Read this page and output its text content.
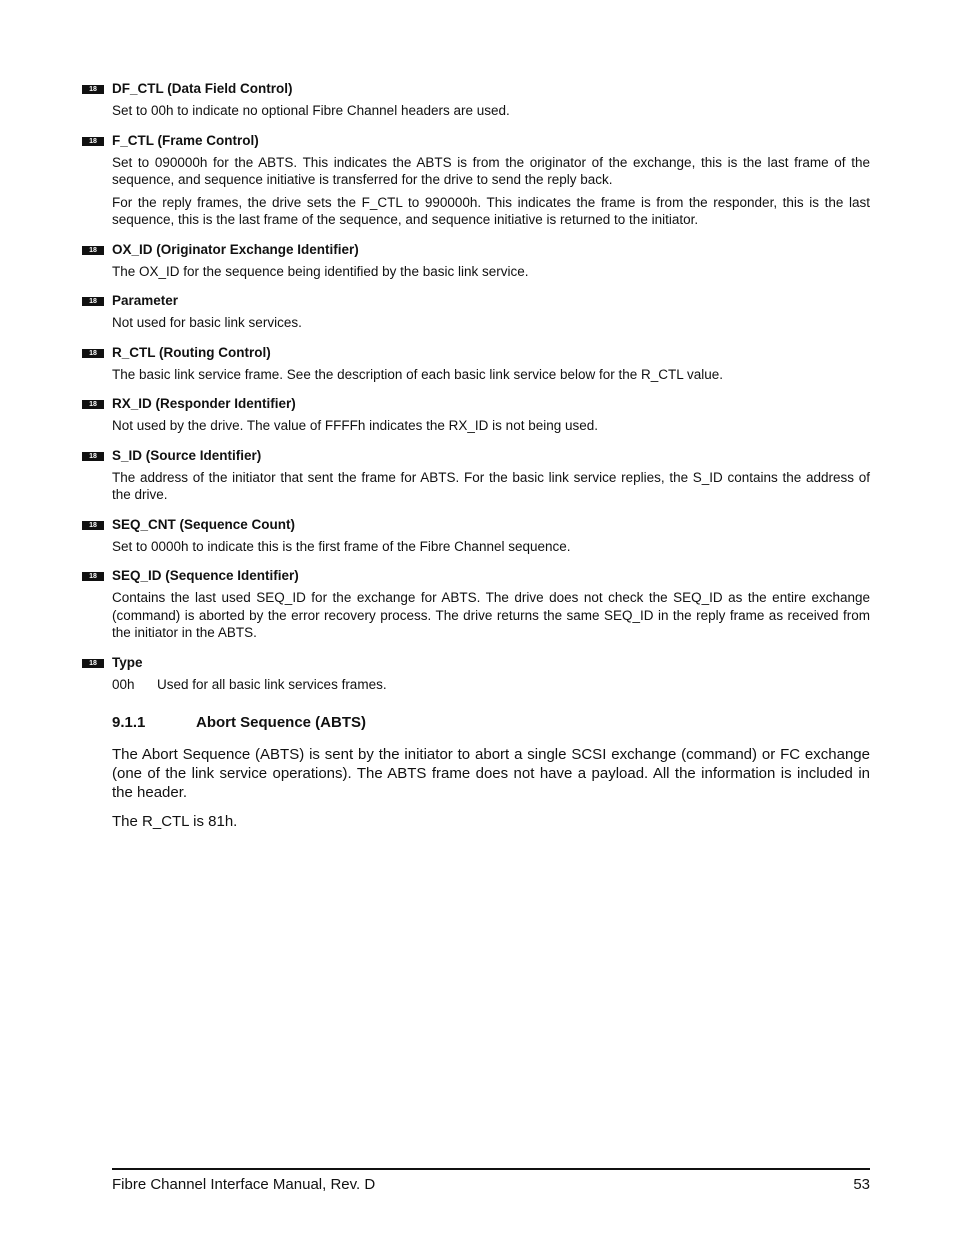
18	DF_CTL (Data Field Control)

Set to 00h to indicate no optional Fibre Channel headers are used.

18	F_CTL (Frame Control)

Set to 090000h for the ABTS. This indicates the ABTS is from the originator of the exchange, this is the last frame of the sequence, and sequence initiative is transferred for the drive to send the reply back.

For the reply frames, the drive sets the F_CTL to 990000h. This indicates the frame is from the responder, this is the last sequence, this is the last frame of the sequence, and sequence initiative is returned to the initiator.

18	OX_ID (Originator Exchange Identifier)

The OX_ID for the sequence being identified by the basic link service.

18	Parameter

Not used for basic link services.

18	R_CTL (Routing Control)

The basic link service frame. See the description of each basic link service below for the R_CTL value.

18	RX_ID (Responder Identifier)

Not used by the drive. The value of FFFFh indicates the RX_ID is not being used.

18	S_ID (Source Identifier)

The address of the initiator that sent the frame for ABTS. For the basic link service replies, the S_ID contains the address of the drive.

18	SEQ_CNT (Sequence Count)

Set to 0000h to indicate this is the first frame of the Fibre Channel sequence.

18	SEQ_ID (Sequence Identifier)

Contains the last used SEQ_ID for the exchange for ABTS. The drive does not check the SEQ_ID as the entire exchange (command) is aborted by the error recovery process. The drive returns the same SEQ_ID in the reply frame as received from the initiator in the ABTS.

18	Type
00h	Used for all basic link services frames.
9.1.1	Abort Sequence (ABTS)

The Abort Sequence (ABTS) is sent by the initiator to abort a single SCSI exchange (command) or FC exchange (one of the link service operations). The ABTS frame does not have a payload. All the information is included in the header.

The R_CTL is 81h.

Fibre Channel Interface Manual, Rev. D	53
